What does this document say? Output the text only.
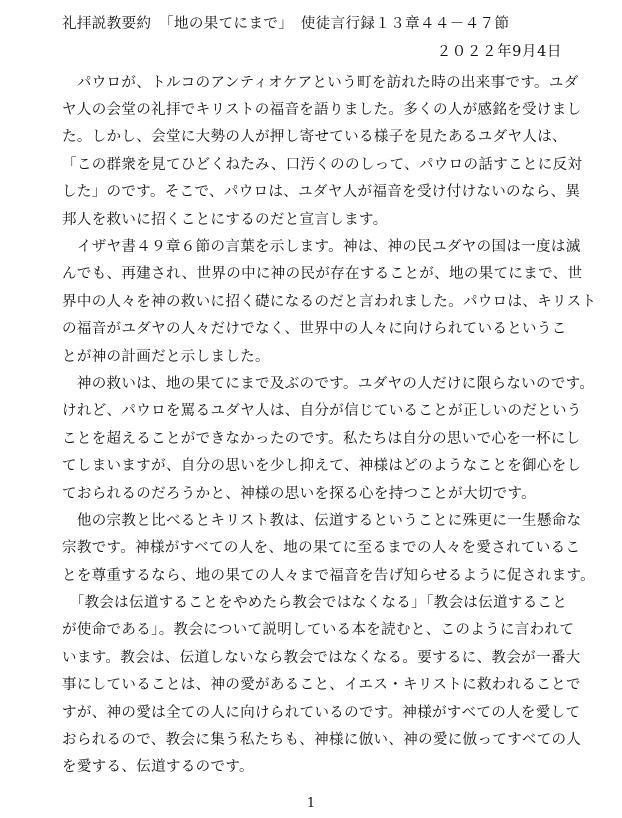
礼拝説教要約　「地の果てにまで」　使徒言行録１３章４４－４７節
２０２２年9月4日
　パウロが、トルコのアンティオケアという町を訪れた時の出来事です。ユダ
ヤ人の会堂の礼拝でキリストの福音を語りました。多くの人が感銘を受けまし
た。しかし、会堂に大勢の人が押し寄せている様子を見たあるユダヤ人は、
「この群衆を見てひどくねたみ、口汚くののしって、パウロの話すことに反対
した」のです。そこで、パウロは、ユダヤ人が福音を受け付けないのなら、異
邦人を救いに招くことにするのだと宣言します。
　イザヤ書４９章６節の言葉を示します。神は、神の民ユダヤの国は一度は滅
んでも、再建され、世界の中に神の民が存在することが、地の果てにまで、世
界中の人々を神の救いに招く礎になるのだと言われました。パウロは、キリスト
の福音がユダヤの人々だけでなく、世界中の人々に向けられているというこ
とが神の計画だと示しました。
　神の救いは、地の果てにまで及ぶのです。ユダヤの人だけに限らないのです。
けれど、パウロを罵るユダヤ人は、自分が信じていることが正しいのだという
ことを超えることができなかったのです。私たちは自分の思いで心を一杯にし
てしまいますが、自分の思いを少し抑えて、神様はどのようなことを御心をし
ておられるのだろうかと、神様の思いを探る心を持つことが大切です。
　他の宗教と比べるとキリスト教は、伝道するということに殊更に一生懸命な
宗教です。神様がすべての人を、地の果てに至るまでの人々を愛されているこ
とを尊重するなら、地の果ての人々まで福音を告げ知らせるように促されます。
　「教会は伝道することをやめたら教会ではなくなる」「教会は伝道すること
が使命である」。教会について説明している本を読むと、このように言われて
います。教会は、伝道しないなら教会ではなくなる。要するに、教会が一番大
事にしていることは、神の愛があること、イエス・キリストに救われることで
すが、神の愛は全ての人に向けられているのです。神様がすべての人を愛して
おられるので、教会に集う私たちも、神様に倣い、神の愛に倣ってすべての人
を愛する、伝道するのです。
1
